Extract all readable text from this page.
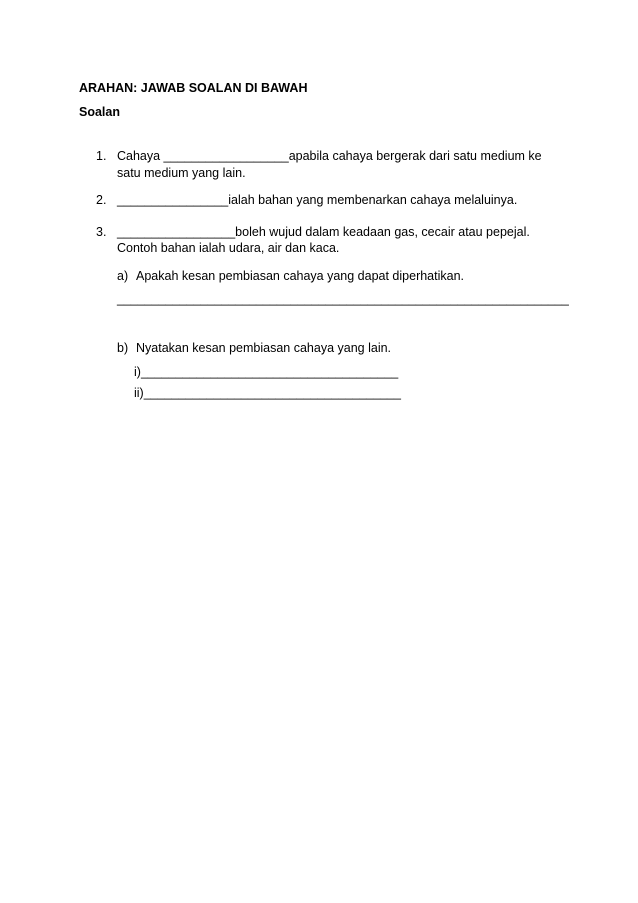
ARAHAN: JAWAB SOALAN DI BAWAH
Soalan
1. Cahaya __________________apabila cahaya bergerak dari satu medium ke
satu medium yang lain.
2. ________________ialah bahan yang membenarkan cahaya melaluinya.
3. _________________boleh wujud dalam keadaan gas, cecair atau pepejal.
Contoh bahan ialah udara, air dan kaca.
a) Apakah kesan pembiasan cahaya yang dapat diperhatikan.
_________________________________________________________________
b) Nyatakan kesan pembiasan cahaya yang lain.
i)_____________________________________
ii)_____________________________________
